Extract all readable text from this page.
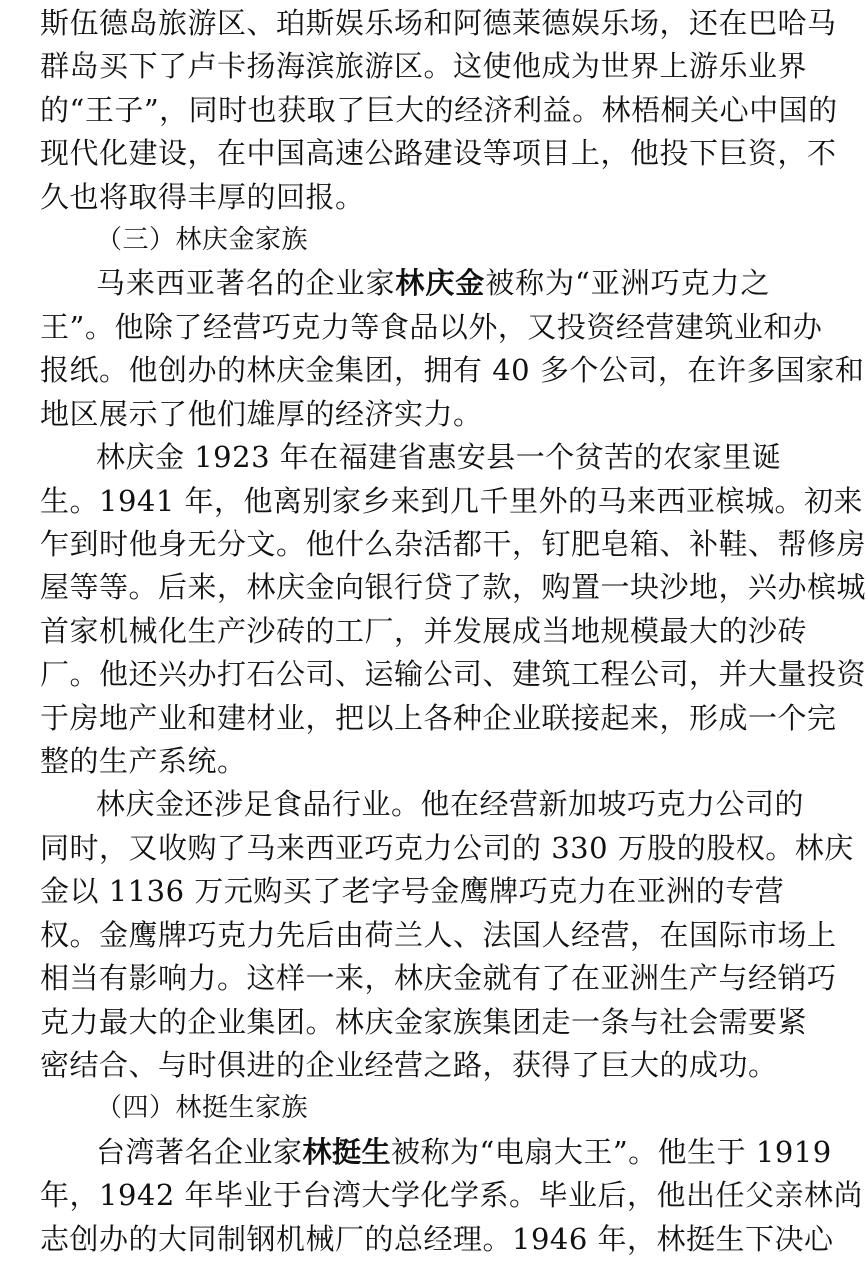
斯伍德岛旅游区、珀斯娱乐场和阿德莱德娱乐场，还在巴哈马
群岛买下了卢卡扬海滨旅游区。这使他成为世界上游乐业界
的“王子”，同时也获取了巨大的经济利益。林梧桐关心中国的
现代化建设，在中国高速公路建设等项目上，他投下巨资，不
久也将取得丰厚的回报。
（三）林庆金家族
马来西亚著名的企业家林庆金被称为“亚洲巧克力之
王”。他除了经营巧克力等食品以外，又投资经营建筑业和办
报纸。他创办的林庆金集团，拥有 40 多个公司，在许多国家和
地区展示了他们雄厚的经济实力。
林庆金 1923 年在福建省惠安县一个贫苦的农家里诞
生。1941 年，他离别家乡来到几千里外的马来西亚槟城。初来
乍到时他身无分文。他什么杂活都干，钉肥皂箱、补鞋、帮修房
屋等等。后来，林庆金向银行贷了款，购置一块沙地，兴办槟城
首家机械化生产沙砖的工厂，并发展成当地规模最大的沙砖
厂。他还兴办打石公司、运输公司、建筑工程公司，并大量投资
于房地产业和建材业，把以上各种企业联接起来，形成一个完
整的生产系统。
林庆金还涉足食品行业。他在经营新加坡巧克力公司的
同时，又收购了马来西亚巧克力公司的 330 万股的股权。林庆
金以 1136 万元购买了老字号金鹰牌巧克力在亚洲的专营
权。金鹰牌巧克力先后由荷兰人、法国人经营，在国际市场上
相当有影响力。这样一来，林庆金就有了在亚洲生产与经销巧
克力最大的企业集团。林庆金家族集团走一条与社会需要紧
密结合、与时俱进的企业经营之路，获得了巨大的成功。
（四）林挺生家族
台湾著名企业家林挺生被称为“电扇大王”。他生于 1919
年，1942 年毕业于台湾大学化学系。毕业后，他出任父亲林尚
志创办的大同制钢机械厂的总经理。1946 年，林挺生下决心
